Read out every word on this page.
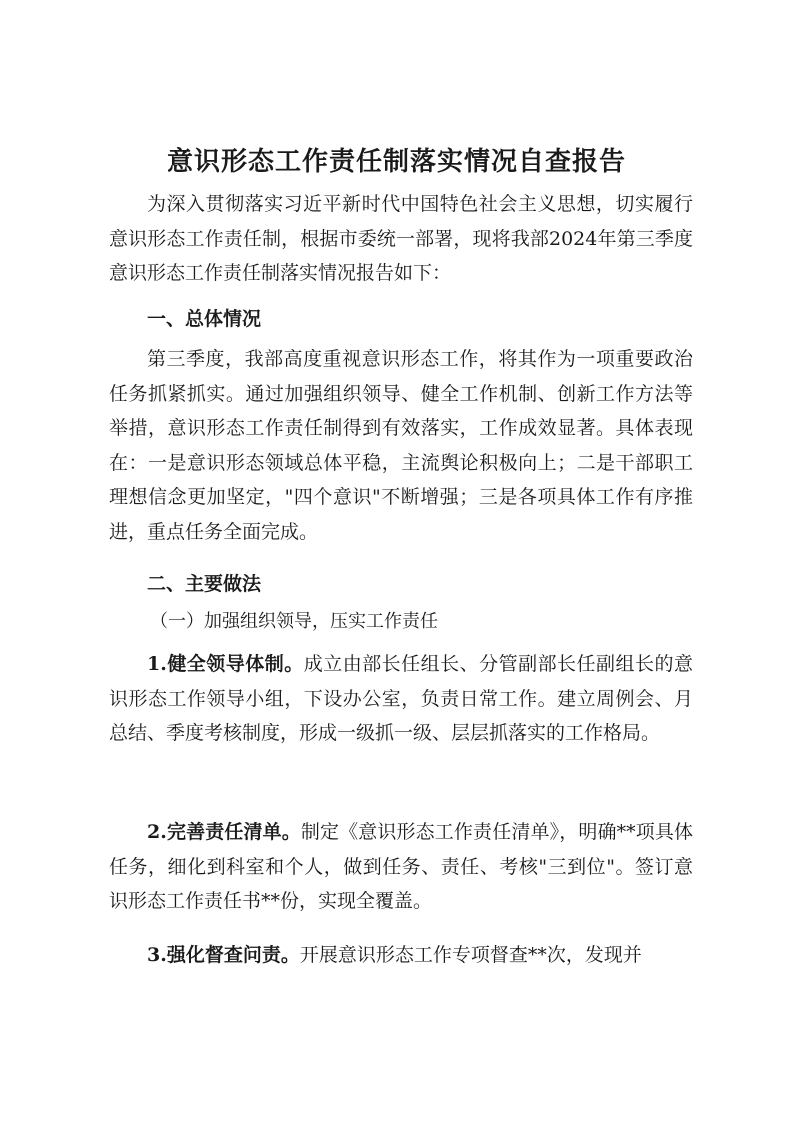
意识形态工作责任制落实情况自查报告
为深入贯彻落实习近平新时代中国特色社会主义思想，切实履行意识形态工作责任制，根据市委统一部署，现将我部2024年第三季度意识形态工作责任制落实情况报告如下：
一、总体情况
第三季度，我部高度重视意识形态工作，将其作为一项重要政治任务抓紧抓实。通过加强组织领导、健全工作机制、创新工作方法等举措，意识形态工作责任制得到有效落实，工作成效显著。具体表现在：一是意识形态领域总体平稳，主流舆论积极向上；二是干部职工理想信念更加坚定，"四个意识"不断增强；三是各项具体工作有序推进，重点任务全面完成。
二、主要做法
（一）加强组织领导，压实工作责任
1.健全领导体制。成立由部长任组长、分管副部长任副组长的意识形态工作领导小组，下设办公室，负责日常工作。建立周例会、月总结、季度考核制度，形成一级抓一级、层层抓落实的工作格局。
2.完善责任清单。制定《意识形态工作责任清单》，明确**项具体任务，细化到科室和个人，做到任务、责任、考核"三到位"。签订意识形态工作责任书**份，实现全覆盖。
3.强化督查问责。开展意识形态工作专项督查**次，发现并
